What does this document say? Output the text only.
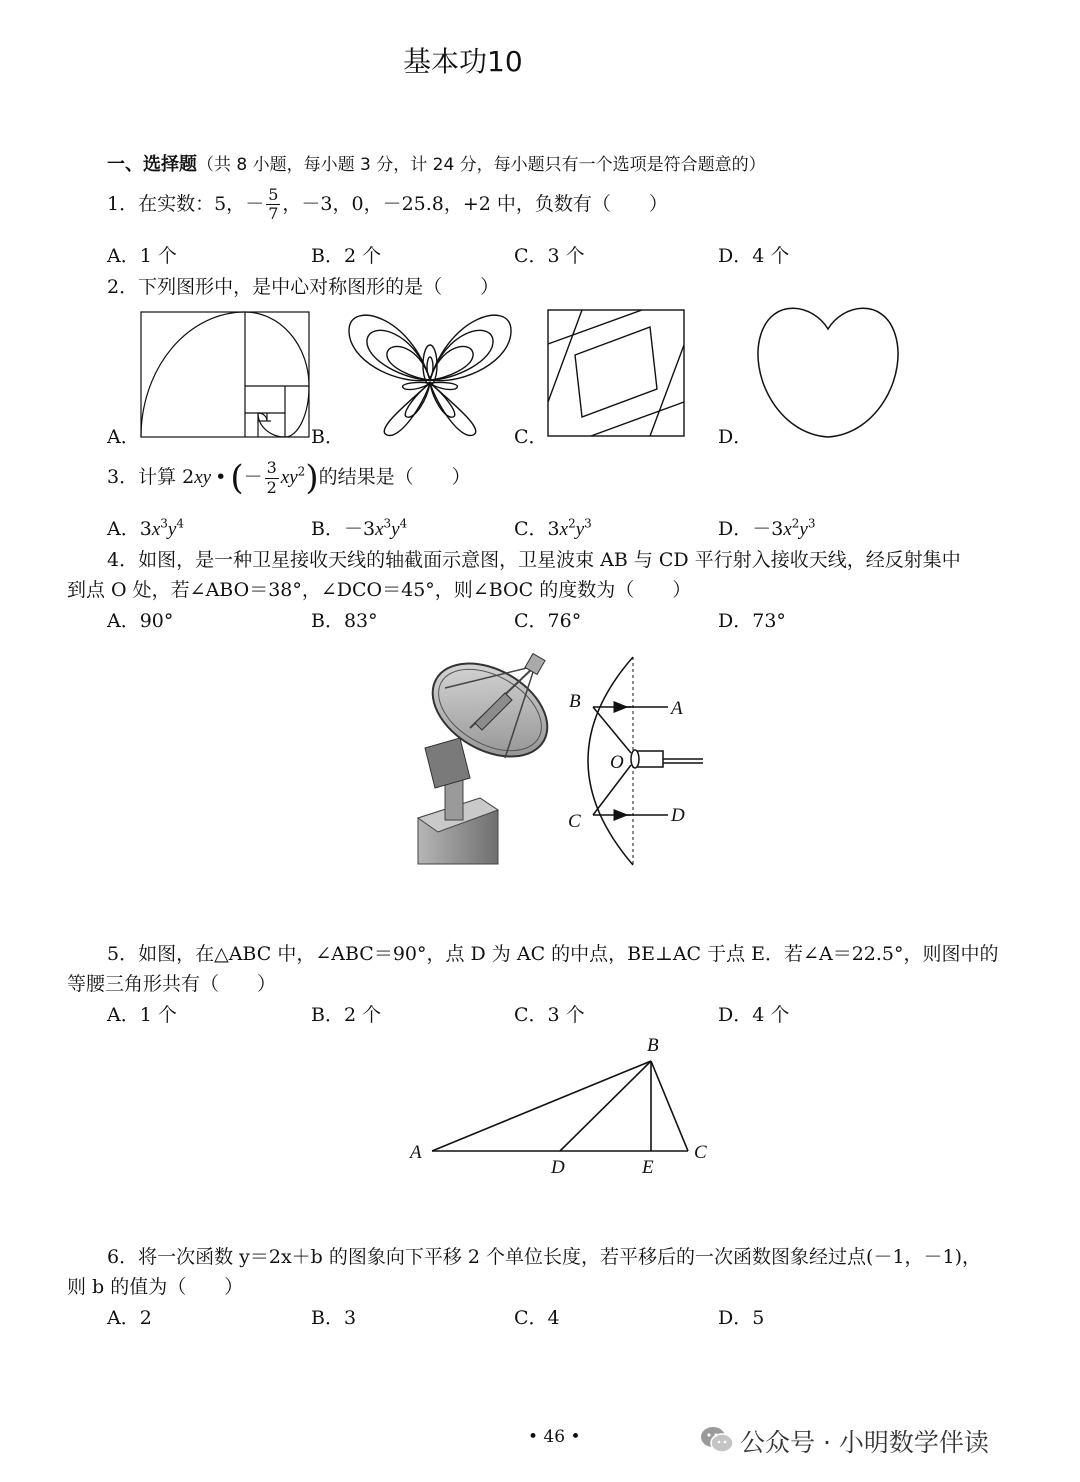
基本功10
一、选择题（共 8 小题，每小题 3 分，计 24 分，每小题只有一个选项是符合题意的）
1．在实数：5，－ $\frac{5}{7}$ ，－3，0，－25.8，+2 中，负数有（　　）
A．1 个	B．2 个	C．3 个	D．4 个
2．下列图形中，是中心对称图形的是（　　）
A．	B．	C．	D．
3．计算 2xy • (－ $\frac{3}{2} xy^2$)的结果是（　　）
A．$3x^3y^4$	B．$-3x^3y^4$	C．$3x^2y^3$	D．$-3x^2y^3$
4．如图，是一种卫星接收天线的轴截面示意图，卫星波束 AB 与 CD 平行射入接收天线，经反射集中
到点 O 处，若∠ABO＝38°，∠DCO＝45°，则∠BOC 的度数为（　　）
A．90°	B．83°	C．76°	D．73°
B	A
O
C	D
5．如图，在△ABC 中，∠ABC＝90°，点 D 为 AC 的中点，BE⊥AC 于点 E．若∠A＝22.5°，则图中的
等腰三角形共有（　　）
A．1 个	B．2 个	C．3 个	D．4 个
A
B
C
D	E
6．将一次函数 y＝2x＋b 的图象向下平移 2 个单位长度，若平移后的一次函数图象经过点(－1，－1)，
则 b 的值为（　　）
A．2	B．3	C．4	D．5
• 46 •	公众号 · 小明数学伴读
